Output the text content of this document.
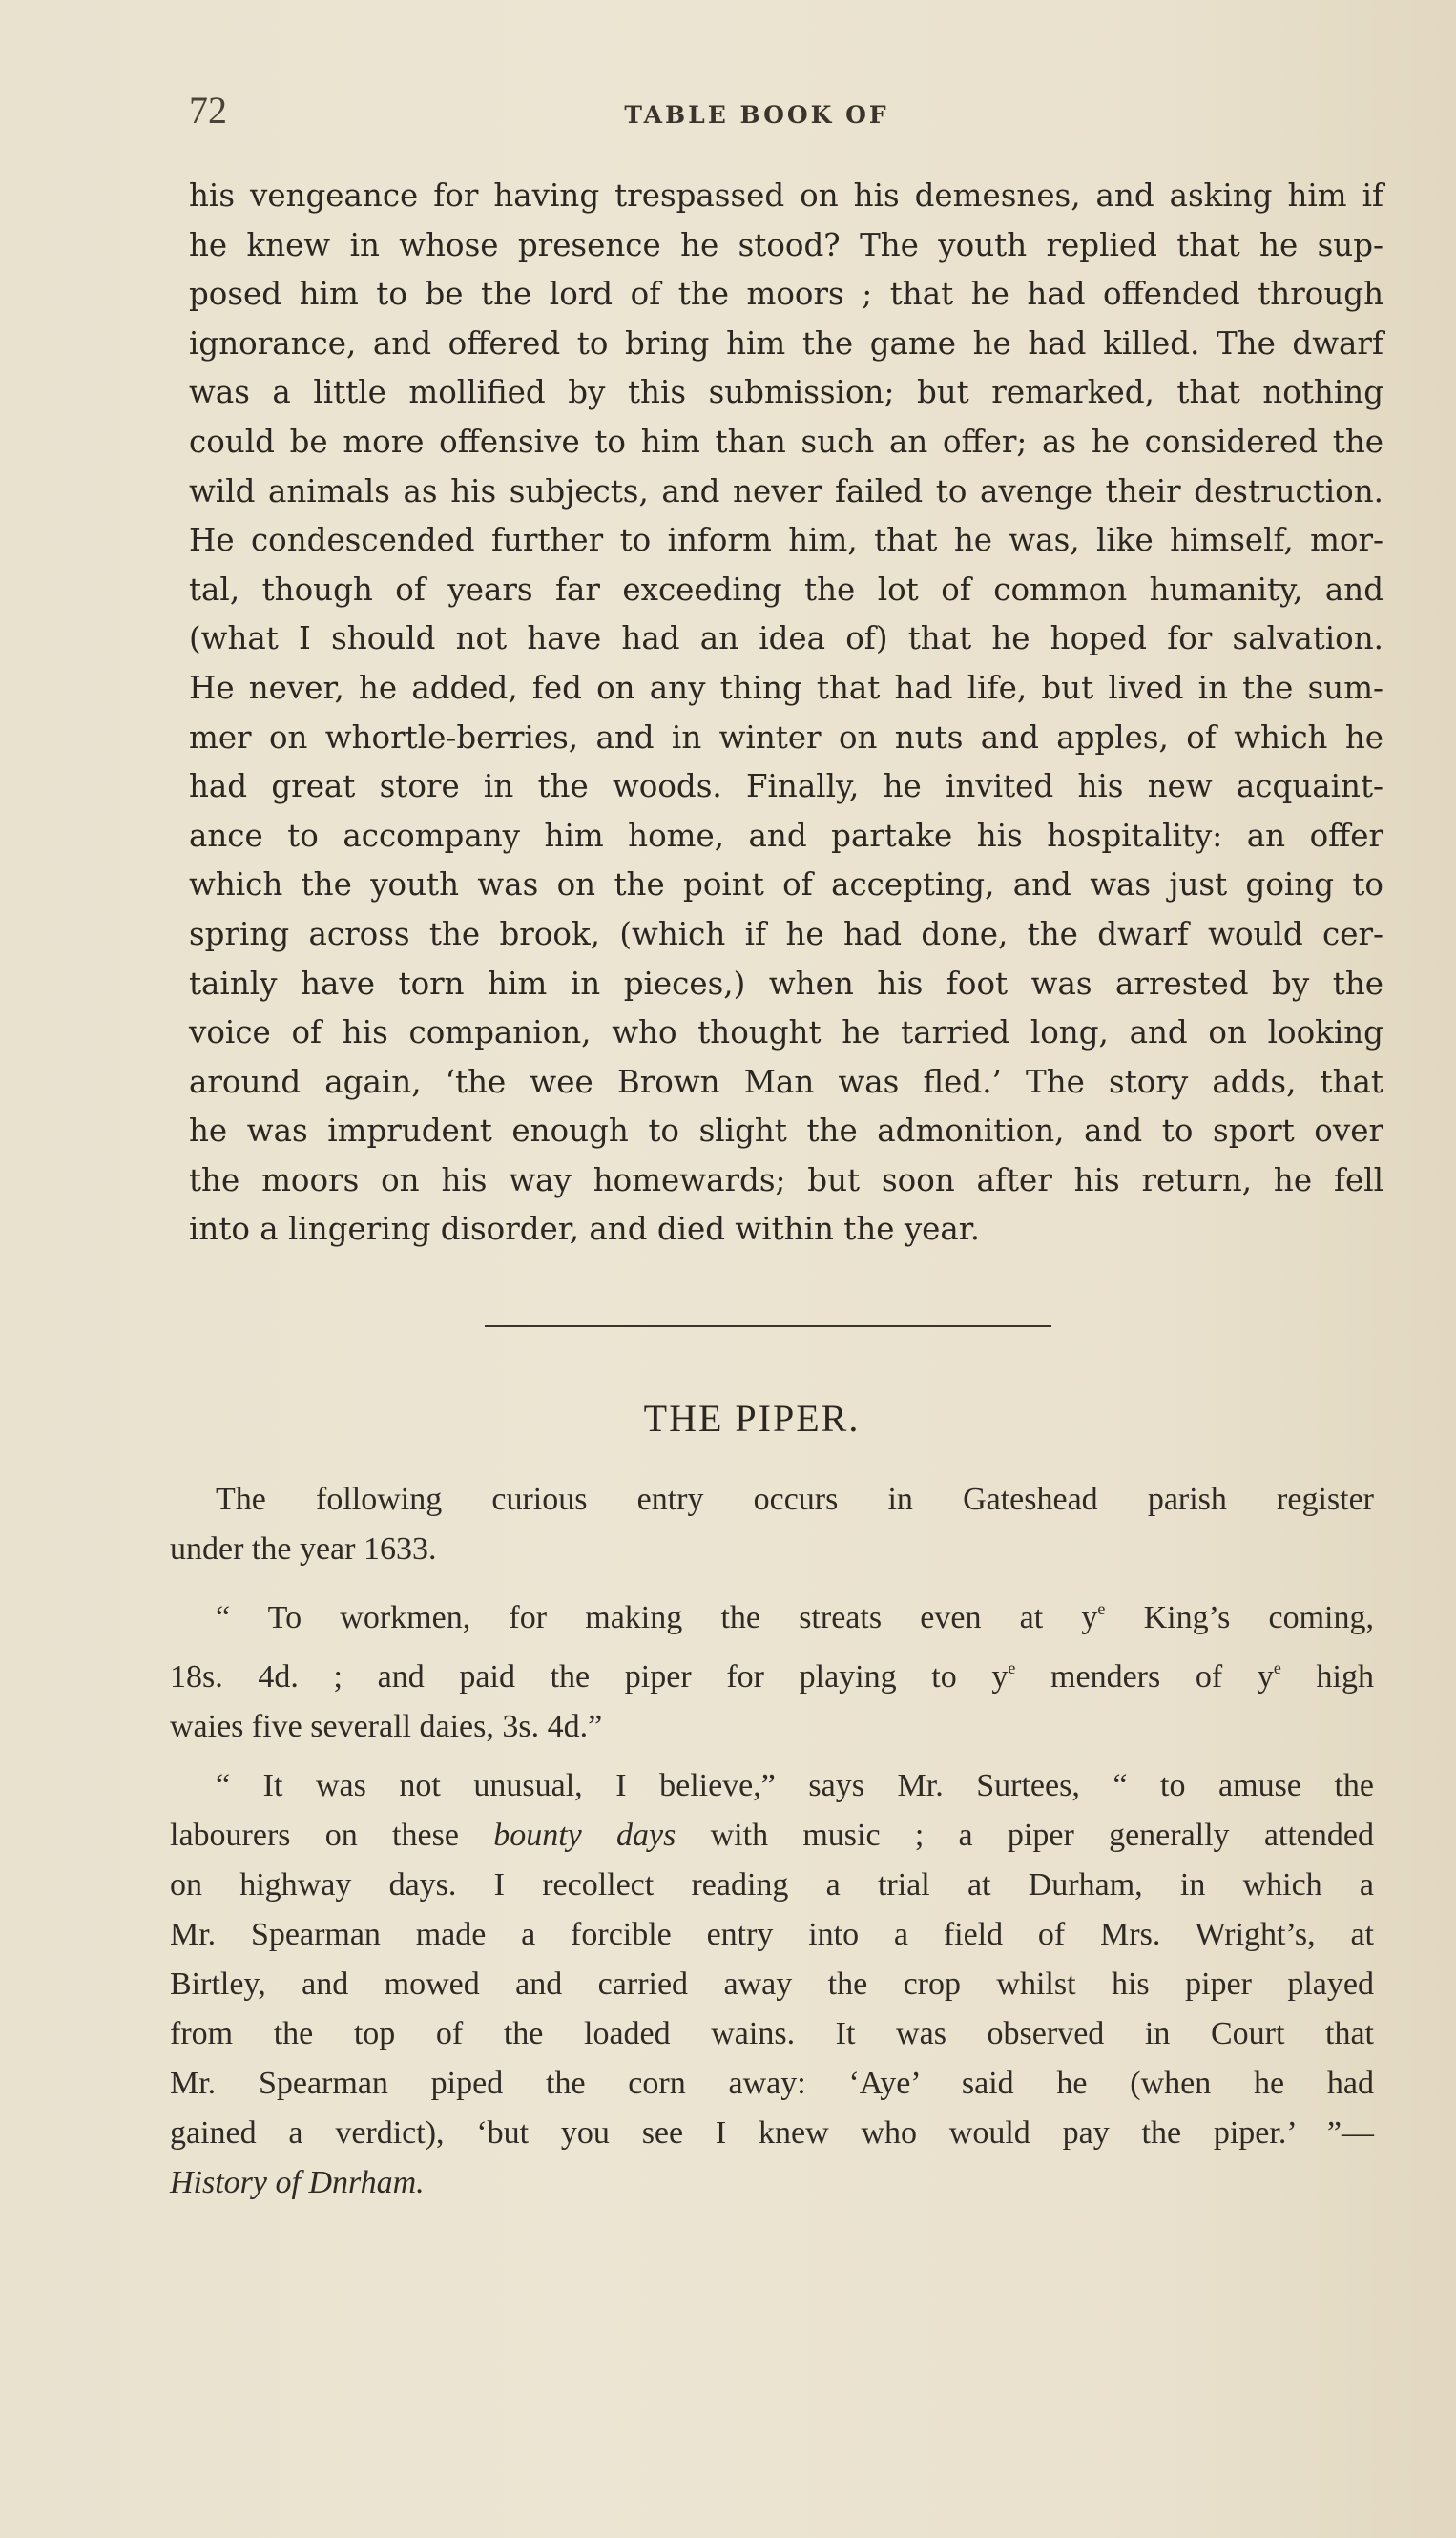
72	TABLE BOOK OF
his vengeance for having trespassed on his demesnes, and asking him if
he knew in whose presence he stood? The youth replied that he sup-
posed him to be the lord of the moors ; that he had offended through
ignorance, and offered to bring him the game he had killed. The dwarf
was a little mollified by this submission; but remarked, that nothing
could be more offensive to him than such an offer; as he considered the
wild animals as his subjects, and never failed to avenge their destruction.
He condescended further to inform him, that he was, like himself, mor-
tal, though of years far exceeding the lot of common humanity, and
(what I should not have had an idea of) that he hoped for salvation.
He never, he added, fed on any thing that had life, but lived in the sum-
mer on whortle-berries, and in winter on nuts and apples, of which he
had great store in the woods. Finally, he invited his new acquaint-
ance to accompany him home, and partake his hospitality: an offer
which the youth was on the point of accepting, and was just going to
spring across the brook, (which if he had done, the dwarf would cer-
tainly have torn him in pieces,) when his foot was arrested by the
voice of his companion, who thought he tarried long, and on looking
around again, ‘the wee Brown Man was fled.’ The story adds, that
he was imprudent enough to slight the admonition, and to sport over
the moors on his way homewards; but soon after his return, he fell
into a lingering disorder, and died within the year.
THE PIPER.
The following curious entry occurs in Gateshead parish register
under the year 1633.
“ To workmen, for making the streats even at $y^e$ King’s coming,
18s. 4d. ; and paid the piper for playing to $y^e$ menders of $y^e$ high
waies five severall daies, 3s. 4d.”
“ It was not unusual, I believe,” says Mr. Surtees, “ to amuse the
labourers on these bounty days with music ; a piper generally attended
on highway days. I recollect reading a trial at Durham, in which a
Mr. Spearman made a forcible entry into a field of Mrs. Wright’s, at
Birtley, and mowed and carried away the crop whilst his piper played
from the top of the loaded wains. It was observed in Court that
Mr. Spearman piped the corn away: ‘Aye’ said he (when he had
gained a verdict), ‘but you see I knew who would pay the piper.’ ”—
History of Dnrham.
